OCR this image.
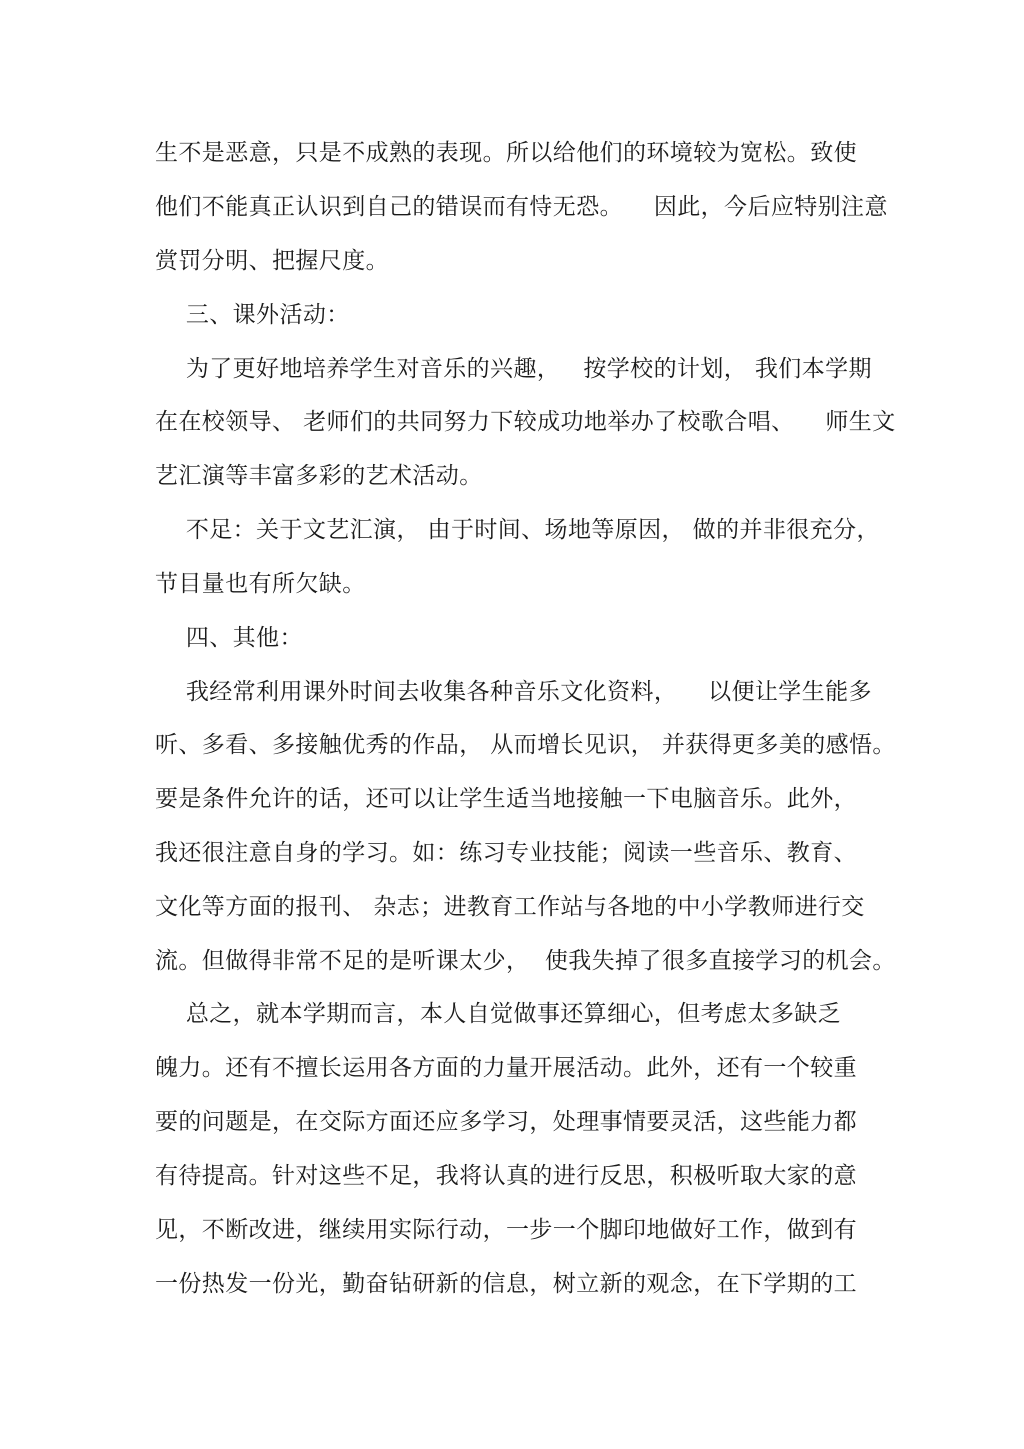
生不是恶意，只是不成熟的表现。所以给他们的环境较为宽松。致使
他们不能真正认识到自己的错误而有恃无恐。    因此，今后应特别注意
赏罚分明、把握尺度。
三、课外活动：
为了更好地培养学生对音乐的兴趣，   按学校的计划， 我们本学期
在在校领导、 老师们的共同努力下较成功地举办了校歌合唱、    师生文
艺汇演等丰富多彩的艺术活动。
不足：关于文艺汇演， 由于时间、场地等原因， 做的并非很充分，
节目量也有所欠缺。
四、其他：
我经常利用课外时间去收集各种音乐文化资料，    以便让学生能多
听、多看、多接触优秀的作品， 从而增长见识， 并获得更多美的感悟。
要是条件允许的话，还可以让学生适当地接触一下电脑音乐。此外，
我还很注意自身的学习。如：练习专业技能；阅读一些音乐、教育、
文化等方面的报刊、 杂志；进教育工作站与各地的中小学教师进行交
流。但做得非常不足的是听课太少，  使我失掉了很多直接学习的机会。
总之，就本学期而言，本人自觉做事还算细心，但考虑太多缺乏
魄力。还有不擅长运用各方面的力量开展活动。此外，还有一个较重
要的问题是，在交际方面还应多学习，处理事情要灵活，这些能力都
有待提高。针对这些不足，我将认真的进行反思，积极听取大家的意
见，不断改进，继续用实际行动，一步一个脚印地做好工作，做到有
一份热发一份光，勤奋钻研新的信息，树立新的观念，在下学期的工
